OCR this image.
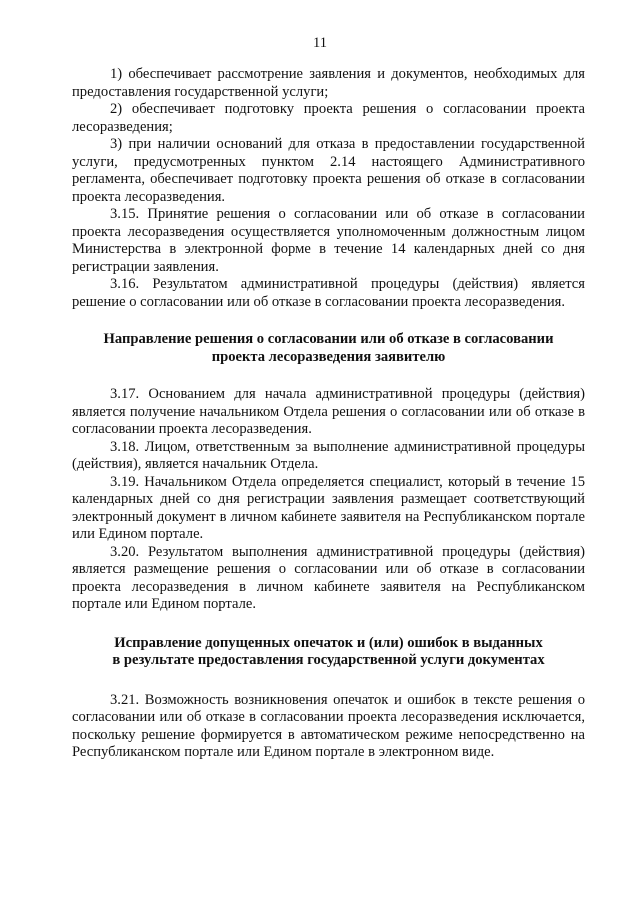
11

1) обеспечивает рассмотрение заявления и документов, необходимых для предоставления государственной услуги;

2) обеспечивает подготовку проекта решения о согласовании проекта лесоразведения;

3) при наличии оснований для отказа в предоставлении государственной услуги, предусмотренных пунктом 2.14 настоящего Административного регламента, обеспечивает подготовку проекта решения об отказе в согласовании проекта лесоразведения.

3.15. Принятие решения о согласовании или об отказе в согласовании проекта лесоразведения осуществляется уполномоченным должностным лицом Министерства в электронной форме в течение 14 календарных дней со дня регистрации заявления.

3.16. Результатом административной процедуры (действия) является решение о согласовании или об отказе в согласовании проекта лесоразведения.

Направление решения о согласовании или об отказе в согласовании
проекта лесоразведения заявителю

3.17. Основанием для начала административной процедуры (действия) является получение начальником Отдела решения о согласовании или об отказе в согласовании проекта лесоразведения.

3.18. Лицом, ответственным за выполнение административной процедуры (действия), является начальник Отдела.

3.19. Начальником Отдела определяется специалист, который в течение 15 календарных дней со дня регистрации заявления размещает соответствующий электронный документ в личном кабинете заявителя на Республиканском портале или Едином портале.

3.20. Результатом выполнения административной процедуры (действия) является размещение решения о согласовании или об отказе в согласовании проекта лесоразведения в личном кабинете заявителя на Республиканском портале или Едином портале.

Исправление допущенных опечаток и (или) ошибок в выданных
в результате предоставления государственной услуги документах

3.21. Возможность возникновения опечаток и ошибок в тексте решения о согласовании или об отказе в согласовании проекта лесоразведения исключается, поскольку решение формируется в автоматическом режиме непосредственно на Республиканском портале или Едином портале в электронном виде.
